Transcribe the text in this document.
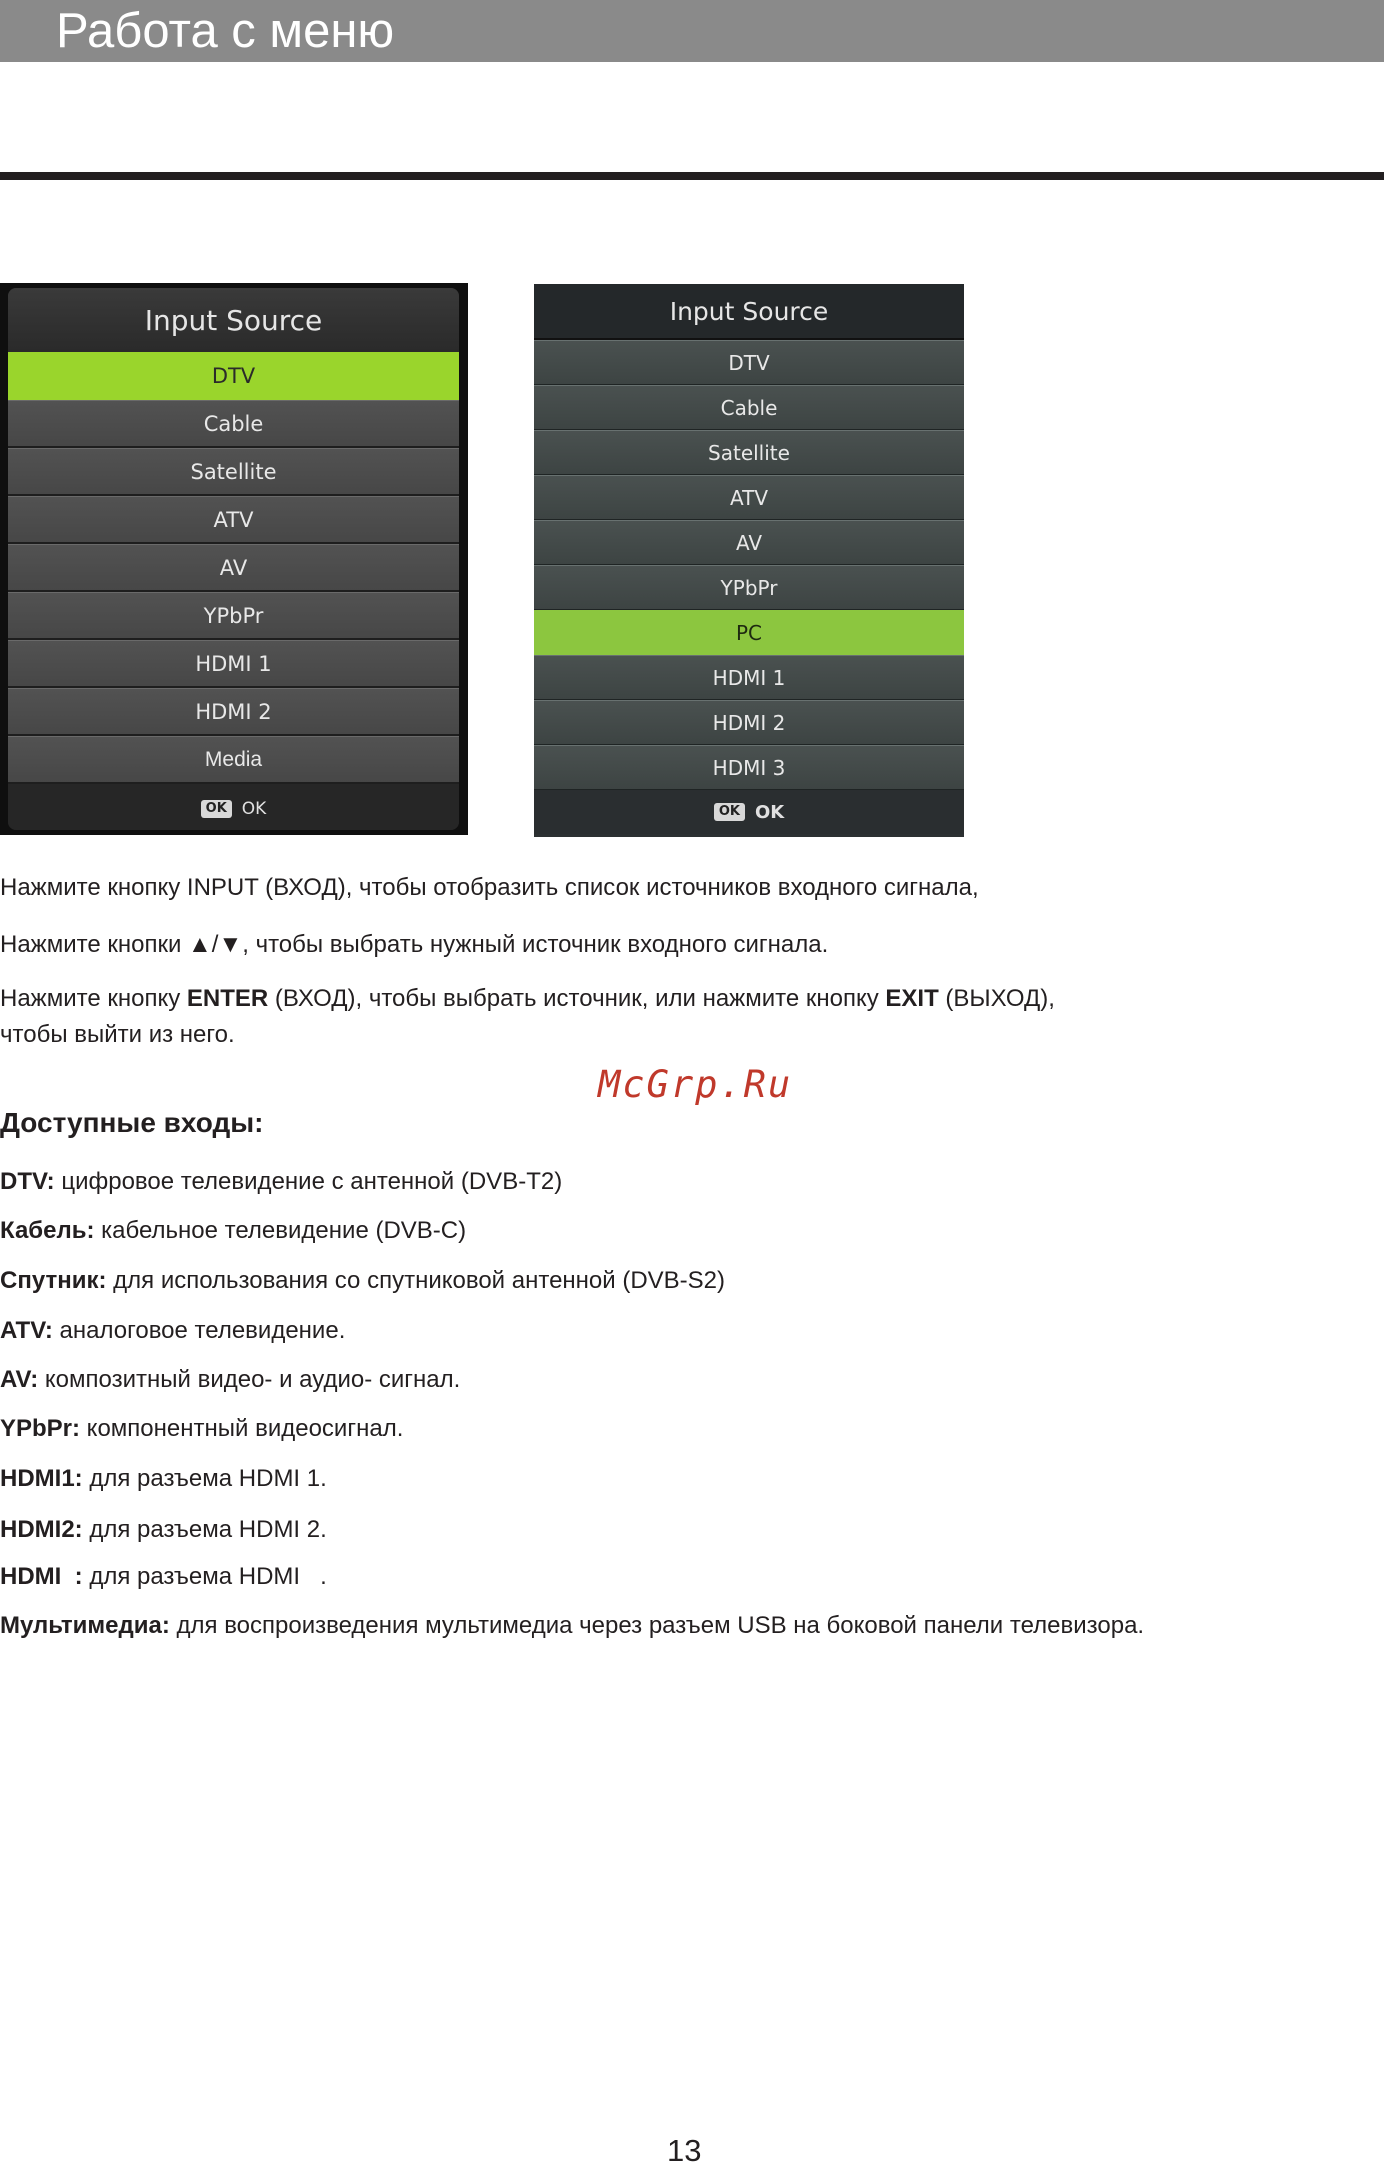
Работа с меню
Input Source
DTV
Cable
Satellite
ATV
AV
YPbPr
HDMI 1
HDMI 2
Media
OK OK
Input Source
DTV
Cable
Satellite
ATV
AV
YPbPr
PC
HDMI 1
HDMI 2
HDMI 3
OK OK
Нажмите кнопку INPUT (ВХОД), чтобы отобразить список источников входного сигнала,
Нажмите кнопки ▲/▼, чтобы выбрать нужный источник входного сигнала.
Нажмите кнопку ENTER (ВХОД), чтобы выбрать источник, или нажмите кнопку EXIT (ВЫХОД),
чтобы выйти из него.
McGrp.Ru
Доступные входы:
DTV: цифровое телевидение с антенной (DVB-T2)
Кабель: кабельное телевидение (DVB-C)
Спутник: для использования со спутниковой антенной (DVB-S2)
ATV: аналоговое телевидение.
AV: композитный видео- и аудио- сигнал.
YPbPr: компонентный видеосигнал.
HDMI1: для разъема HDMI 1.
HDMI2: для разъема HDMI 2.
HDMI  : для разъема HDMI   .
Мультимедиа: для воспроизведения мультимедиа через разъем USB на боковой панели телевизора.
13
